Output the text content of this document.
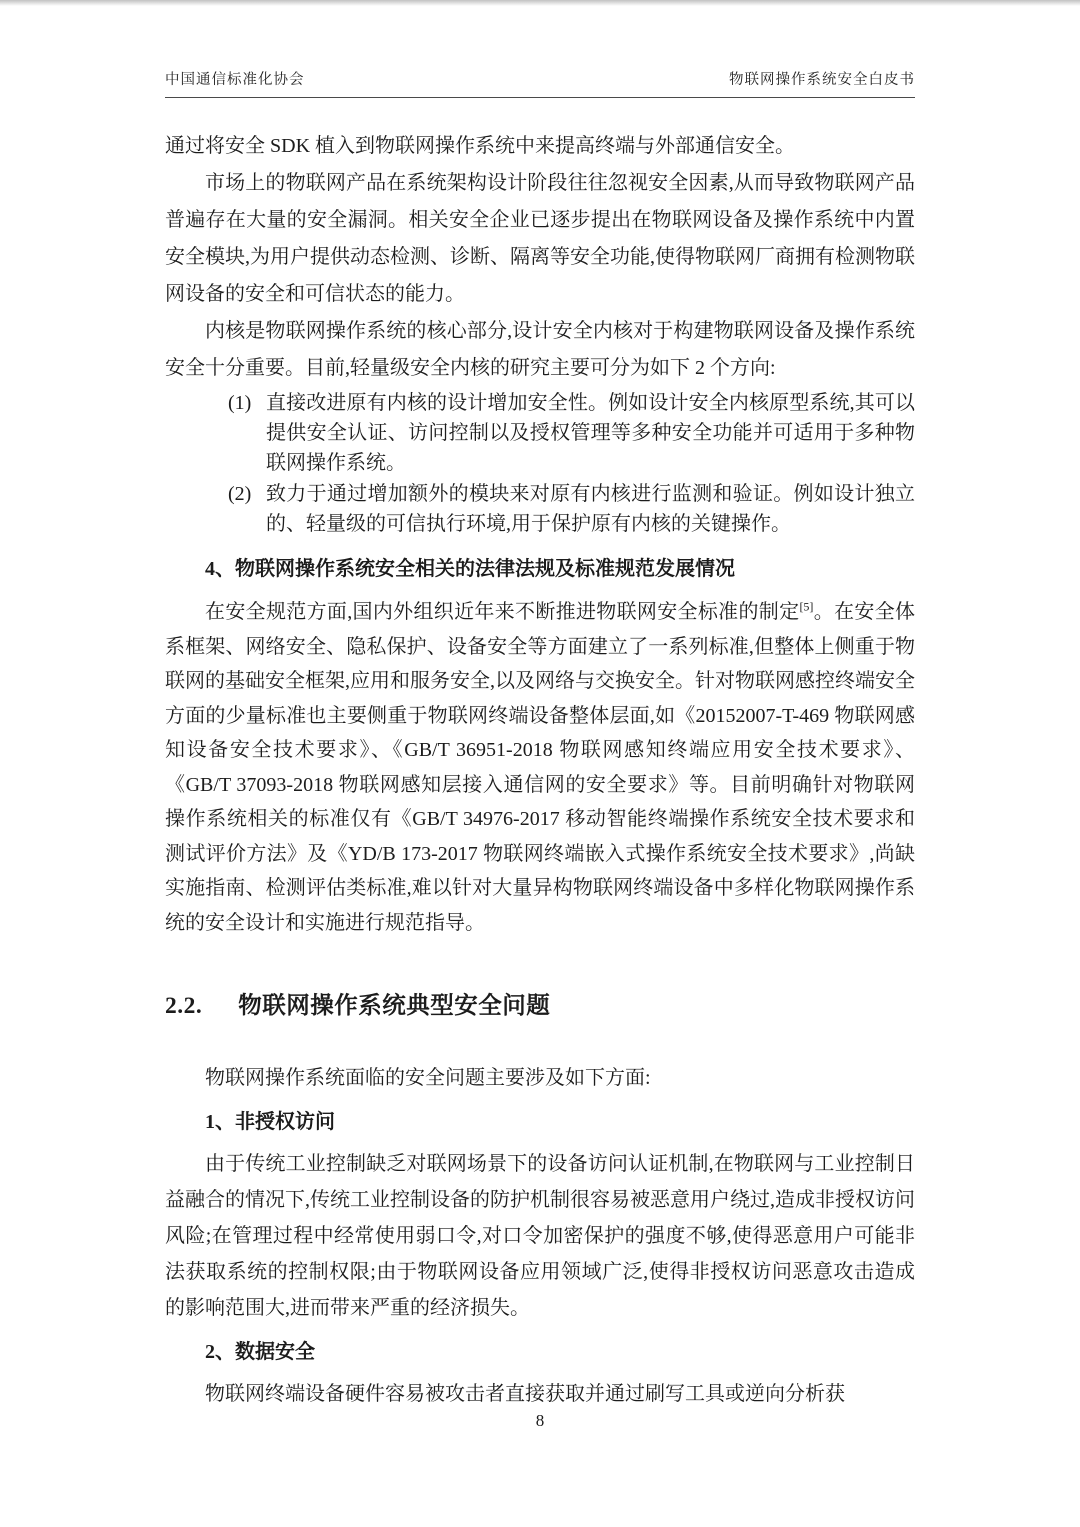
中国通信标准化协会	物联网操作系统安全白皮书

通过将安全 SDK 植入到物联网操作系统中来提高终端与外部通信安全。

市场上的物联网产品在系统架构设计阶段往往忽视安全因素,从而导致物联网产品普遍存在大量的安全漏洞。相关安全企业已逐步提出在物联网设备及操作系统中内置安全模块,为用户提供动态检测、诊断、隔离等安全功能,使得物联网厂商拥有检测物联网设备的安全和可信状态的能力。

内核是物联网操作系统的核心部分,设计安全内核对于构建物联网设备及操作系统安全十分重要。目前,轻量级安全内核的研究主要可分为如下 2 个方向:

(1) 直接改进原有内核的设计增加安全性。例如设计安全内核原型系统,其可以提供安全认证、访问控制以及授权管理等多种安全功能并可适用于多种物联网操作系统。
(2) 致力于通过增加额外的模块来对原有内核进行监测和验证。例如设计独立的、轻量级的可信执行环境,用于保护原有内核的关键操作。
4、物联网操作系统安全相关的法律法规及标准规范发展情况

在安全规范方面,国内外组织近年来不断推进物联网安全标准的制定[5]。在安全体系框架、网络安全、隐私保护、设备安全等方面建立了一系列标准,但整体上侧重于物联网的基础安全框架,应用和服务安全,以及网络与交换安全。针对物联网感控终端安全方面的少量标准也主要侧重于物联网终端设备整体层面,如《20152007-T-469 物联网感知设备安全技术要求》、《GB/T 36951-2018 物联网感知终端应用安全技术要求》、《GB/T 37093-2018 物联网感知层接入通信网的安全要求》等。目前明确针对物联网操作系统相关的标准仅有《GB/T 34976-2017 移动智能终端操作系统安全技术要求和测试评价方法》及《YD/B 173-2017 物联网终端嵌入式操作系统安全技术要求》,尚缺实施指南、检测评估类标准,难以针对大量异构物联网终端设备中多样化物联网操作系统的安全设计和实施进行规范指导。

2.2. 物联网操作系统典型安全问题

物联网操作系统面临的安全问题主要涉及如下方面:

1、非授权访问

由于传统工业控制缺乏对联网场景下的设备访问认证机制,在物联网与工业控制日益融合的情况下,传统工业控制设备的防护机制很容易被恶意用户绕过,造成非授权访问风险;在管理过程中经常使用弱口令,对口令加密保护的强度不够,使得恶意用户可能非法获取系统的控制权限;由于物联网设备应用领域广泛,使得非授权访问恶意攻击造成的影响范围大,进而带来严重的经济损失。

2、数据安全

物联网终端设备硬件容易被攻击者直接获取并通过刷写工具或逆向分析获

8
